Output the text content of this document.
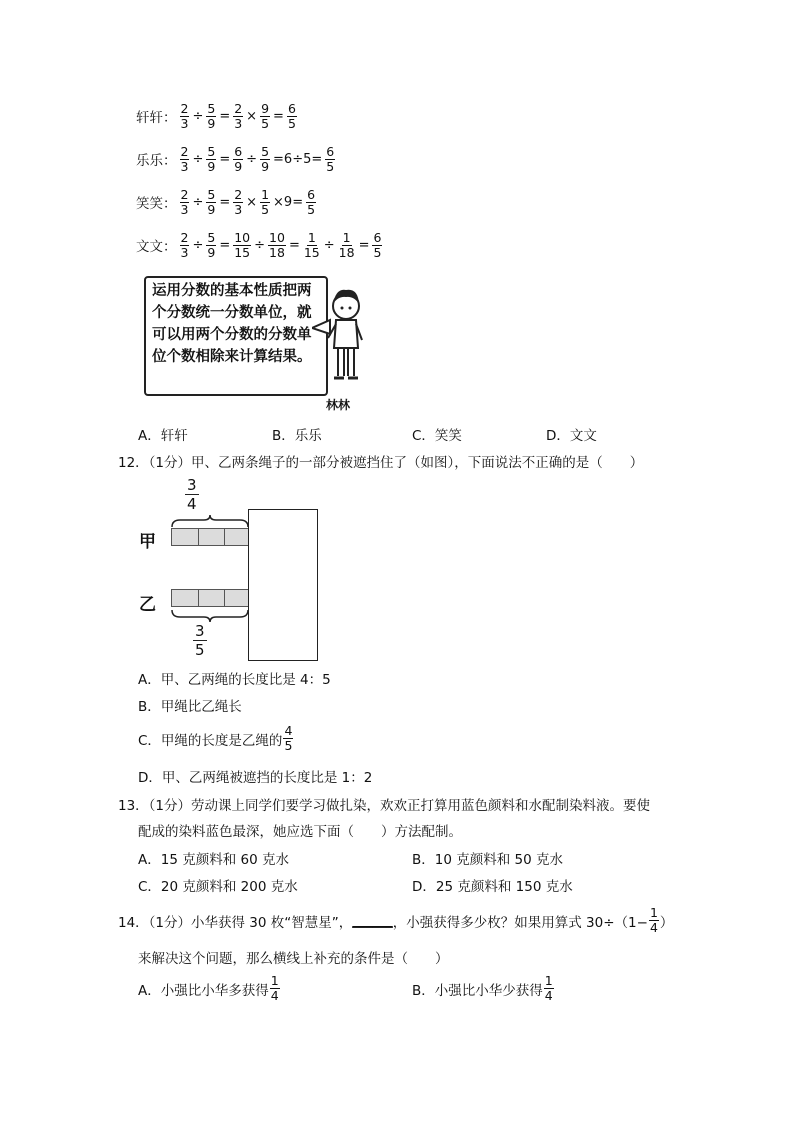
轩轩： $\frac{2}{3} \div \frac{5}{9} = \frac{2}{3} \times \frac{9}{5} = \frac{6}{5}$
乐乐： $\frac{2}{3} \div \frac{5}{9} = \frac{6}{9} \div \frac{5}{9} =6\div 5= \frac{6}{5}$
笑笑： $\frac{2}{3} \div \frac{5}{9} = \frac{2}{3} \times \frac{1}{5} \times 9= \frac{6}{5}$
文文： $\frac{2}{3} \div \frac{5}{9} = \frac{10}{15} \div \frac{10}{18} = \frac{1}{15} \div \frac{1}{18} = \frac{6}{5}$
运用分数的基本性质把两个分数统一分数单位，就可以用两个分数的分数单位个数相除来计算结果。
林林
A．轩轩	B．乐乐	C．笑笑	D．文文
12．（1分）甲、乙两条绳子的一部分被遮挡住了（如图），下面说法不正确的是（　　）
$\frac{3}{4}$
甲
乙
$\frac{3}{5}$
A．甲、乙两绳的长度比是 4：5
B．甲绳比乙绳长
C．甲绳的长度是乙绳的 $\frac{4}{5}$
D．甲、乙两绳被遮挡的长度比是 1：2
13．（1分）劳动课上同学们要学习做扎染，欢欢正打算用蓝色颜料和水配制染料液。要使
配成的染料蓝色最深，她应选下面（　　）方法配制。
A．15 克颜料和 60 克水	B．10 克颜料和 50 克水
C．20 克颜料和 200 克水	D．25 克颜料和 150 克水
14．（1分）小华获得 30 枚“智慧星”， ______ ，小强获得多少枚？如果用算式 $30\div(1- \frac{1}{4}$ ）
来解决这个问题，那么横线上补充的条件是（　　）
A．小强比小华多获得 $\frac{1}{4}$	B．小强比小华少获得 $\frac{1}{4}$
